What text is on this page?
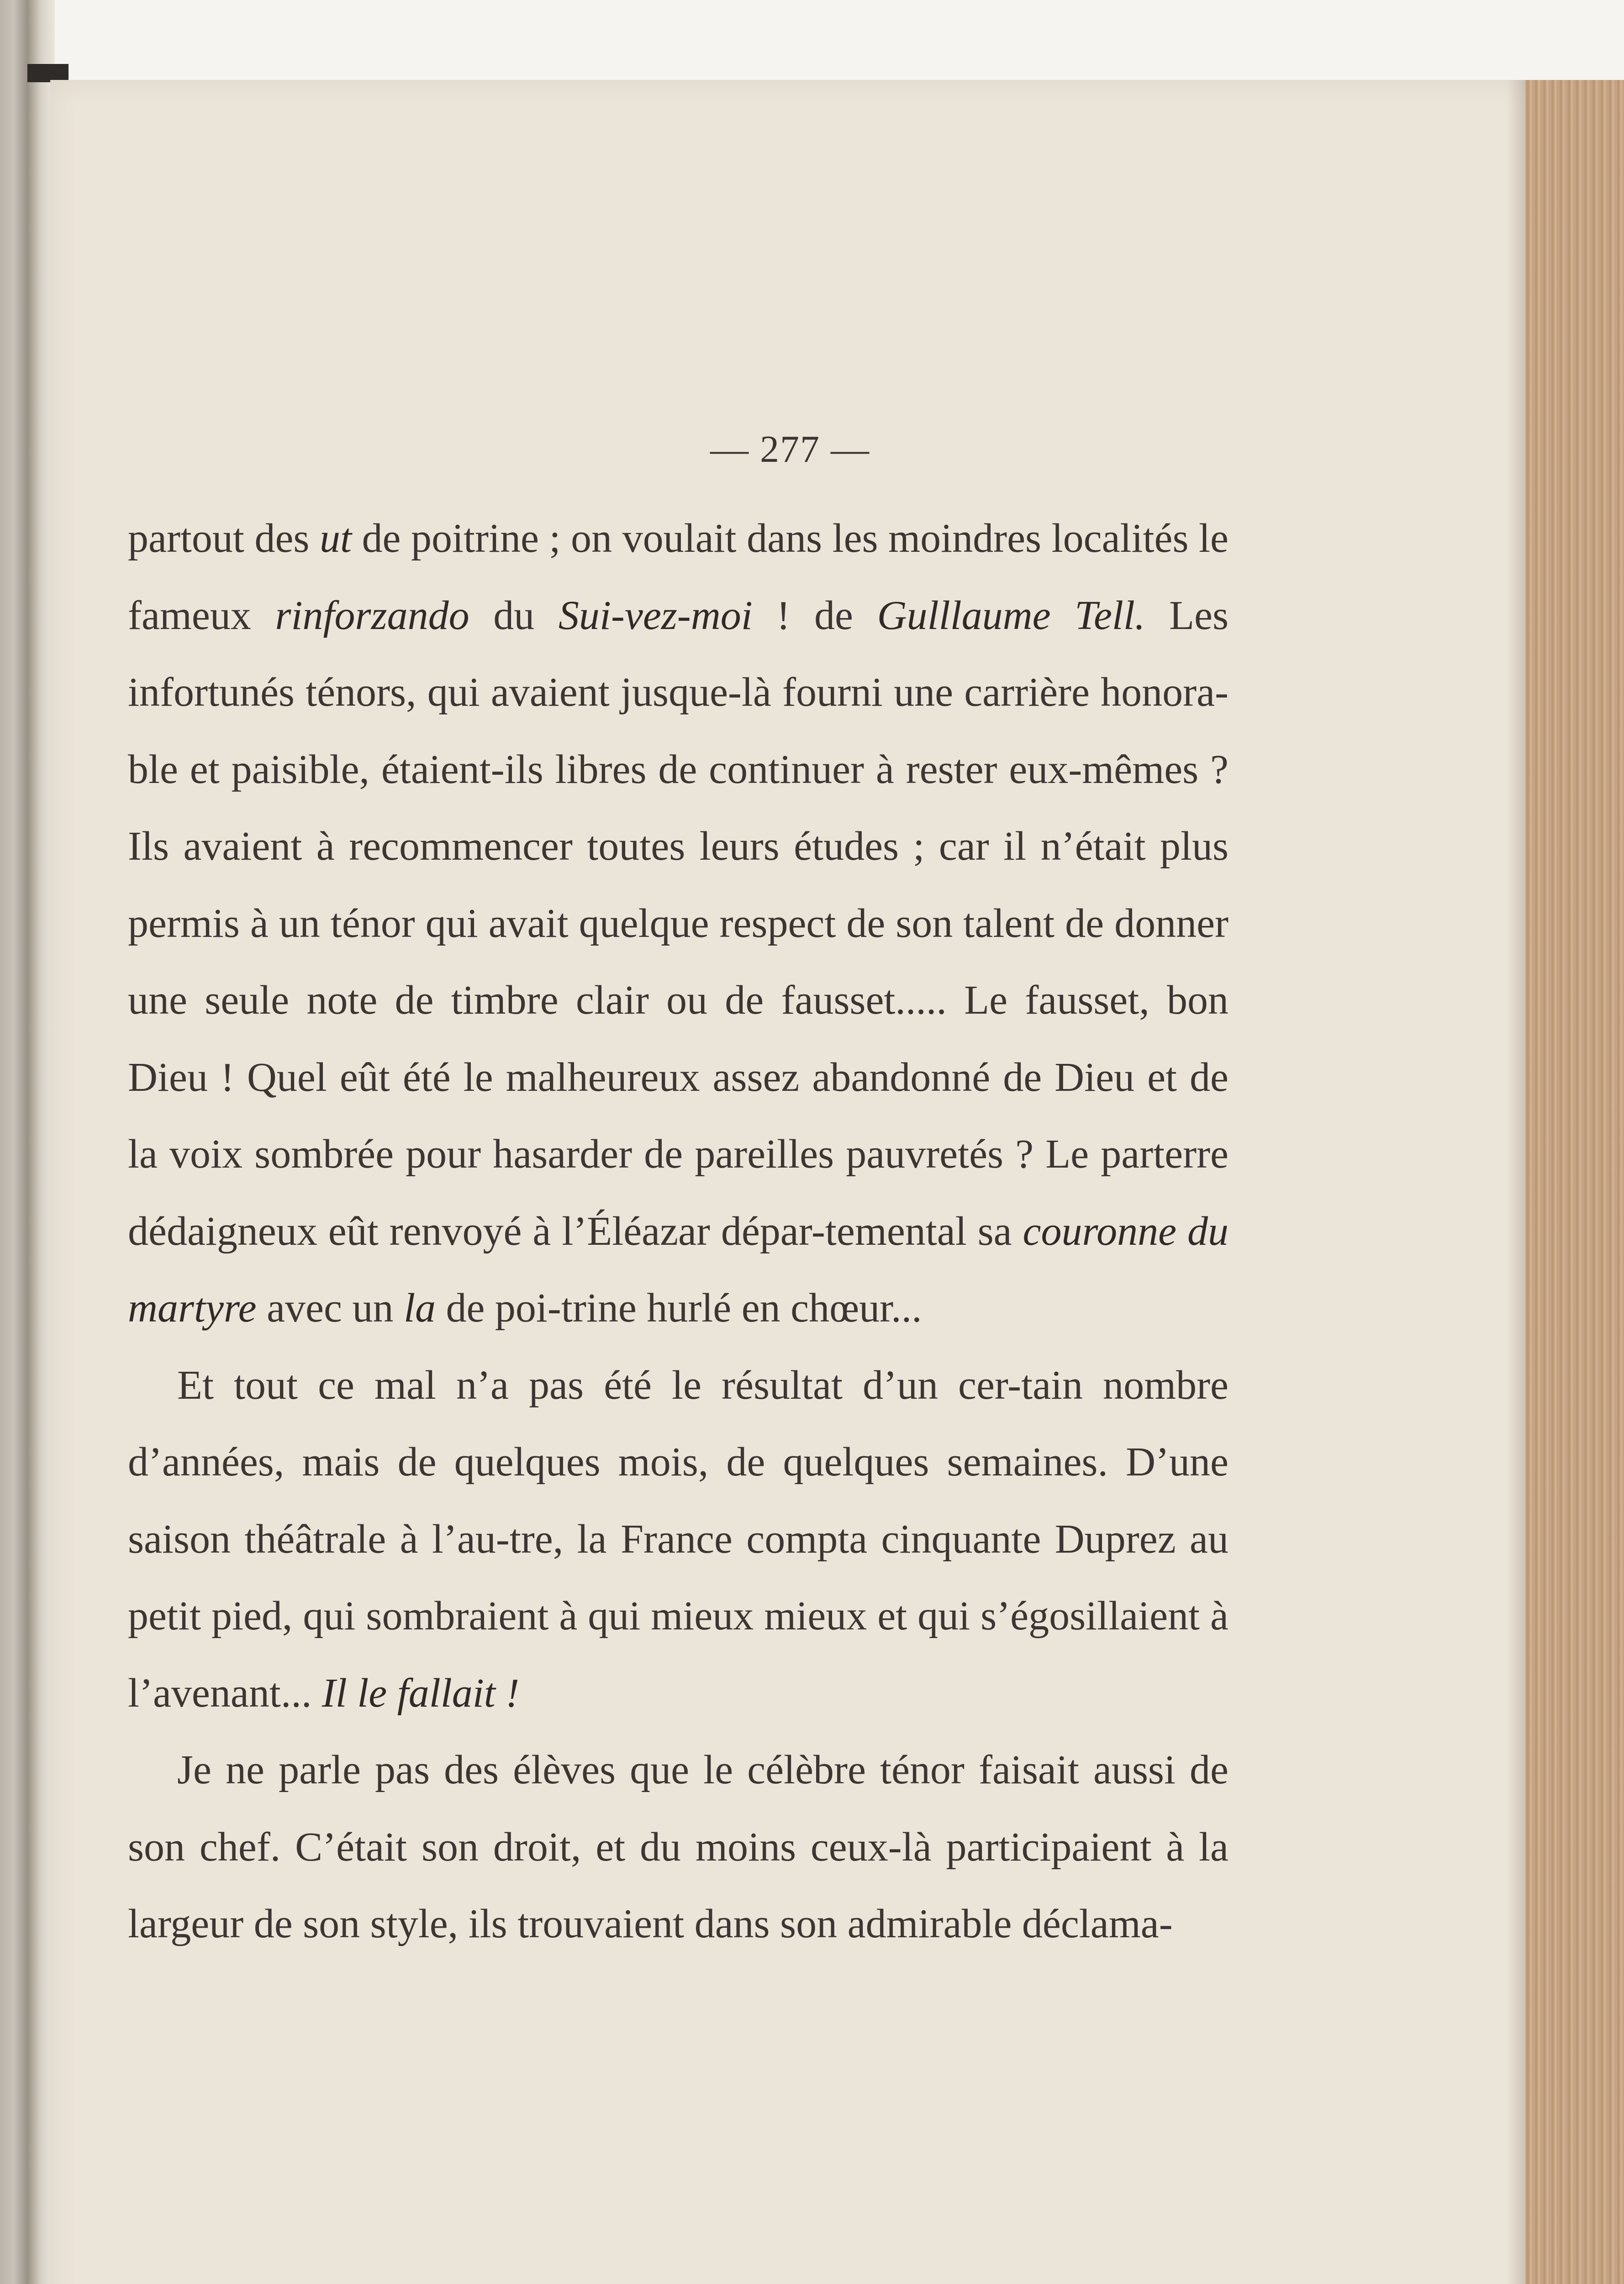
— 277 —

partout des ut de poitrine ; on voulait dans les moindres localités le fameux rinforzando du Sui-vez-moi ! de Gulllaume Tell. Les infortunés ténors, qui avaient jusque-là fourni une carrière honora-ble et paisible, étaient-ils libres de continuer à rester eux-mêmes ? Ils avaient à recommencer toutes leurs études ; car il n’était plus permis à un ténor qui avait quelque respect de son talent de donner une seule note de timbre clair ou de fausset..... Le fausset, bon Dieu ! Quel eût été le malheureux assez abandonné de Dieu et de la voix sombrée pour hasarder de pareilles pauvretés ? Le parterre dédaigneux eût renvoyé à l’Éléazar dépar-temental sa couronne du martyre avec un la de poi-trine hurlé en chœur...

Et tout ce mal n’a pas été le résultat d’un cer-tain nombre d’années, mais de quelques mois, de quelques semaines. D’une saison théâtrale à l’au-tre, la France compta cinquante Duprez au petit pied, qui sombraient à qui mieux mieux et qui s’égosillaient à l’avenant... Il le fallait !

Je ne parle pas des élèves que le célèbre ténor faisait aussi de son chef. C’était son droit, et du moins ceux-là participaient à la largeur de son style, ils trouvaient dans son admirable déclama-
